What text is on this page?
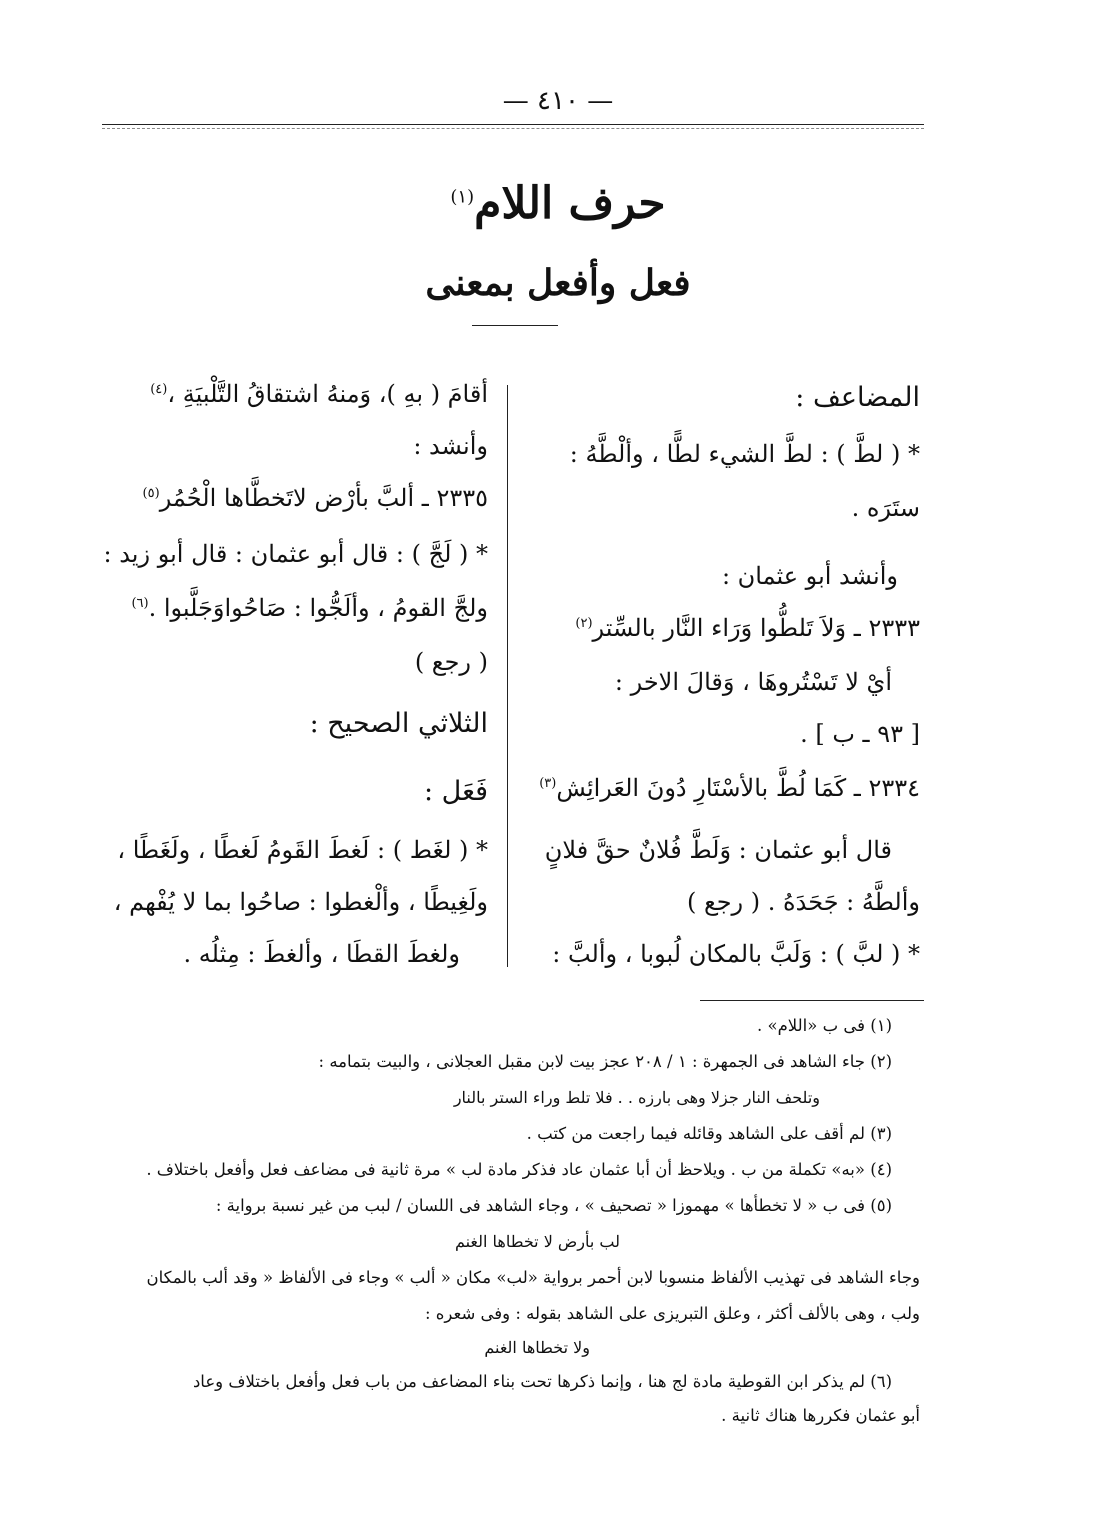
— ٤١٠ —
حرف اللام$^{(١)}$
فعل وأفعل بمعنى
المضاعف :
* ( لطَّ ) : لطَّ الشيء لطًّا ، وألْطَّهُ :
ستَرَه .
وأنشد أبو عثمان :
٢٣٣٣ ـ وَلاَ تَلطُّوا وَرَاء النَّار بالسِّتر$^{(٢)}$
أيْ لا تَسْتُروهَا ، وَقالَ الاخر :
[ ٩٣ ـ ب ] .
٢٣٣٤ ـ كَمَا لُطَّ بالأسْتَارِ دُونَ العَرائِش$^{(٣)}$
قال أبو عثمان : وَلَطَّ فُلانٌ حقَّ فلانٍ
وألطَّهُ : جَحَدَهُ . ( رجع )
* ( لبَّ ) : وَلَبَّ بالمكان لُبوبا ، وألبَّ :
أقامَ ( بهِ )، وَمنهُ اشتقاقُ التَّلْبيَةِ ،$^{(٤)}$
وأنشد :
٢٣٣٥ ـ ألبَّ بأرْض لاتَخطَّاها الْحُمُر$^{(٥)}$
* ( لَجَّ ) : قال أبو عثمان : قال أبو زيد :
ولجَّ القومُ ، وألَجُّوا : صَاحُواوَجَلَّبوا .$^{(٦)}$
( رجع )
الثلاثي الصحيح :
فَعَل :
* ( لغَط ) : لَغطَ القَومُ لَغطًا ، ولَغَطًا ،
ولَغِيطًا ، وألْغطوا : صاحُوا بما لا يُفْهم ،
ولغطَ القطَا ، وألغطَ : مِثلُه .
(١) فى ب «اللام» .
(٢) جاء الشاهد فى الجمهرة : ١ / ٢٠٨ عجز بيت لابن مقبل العجلانى ، والبيت بتمامه :
وتلحف النار جزلا وهى بارزه . . فلا تلط وراء الستر بالنار
(٣) لم أقف على الشاهد وقائله فيما راجعت من كتب .
(٤) «به» تكملة من ب . ويلاحظ أن أبا عثمان عاد فذكر مادة لب » مرة ثانية فى مضاعف فعل وأفعل باختلاف .
(٥) فى ب « لا تخطأها » مهموزا « تصحيف » ، وجاء الشاهد فى اللسان / لبب من غير نسبة برواية :
لب بأرض لا تخطاها الغنم
وجاء الشاهد فى تهذيب الألفاظ منسوبا لابن أحمر برواية «لب» مكان « ألب » وجاء فى الألفاظ « وقد ألب بالمكان
ولب ، وهى بالألف أكثر ، وعلق التبريزى على الشاهد بقوله : وفى شعره :
ولا تخطاها الغنم
(٦) لم يذكر ابن القوطية مادة لج هنا ، وإنما ذكرها تحت بناء المضاعف من باب فعل وأفعل باختلاف وعاد
أبو عثمان فكررها هناك ثانية .
